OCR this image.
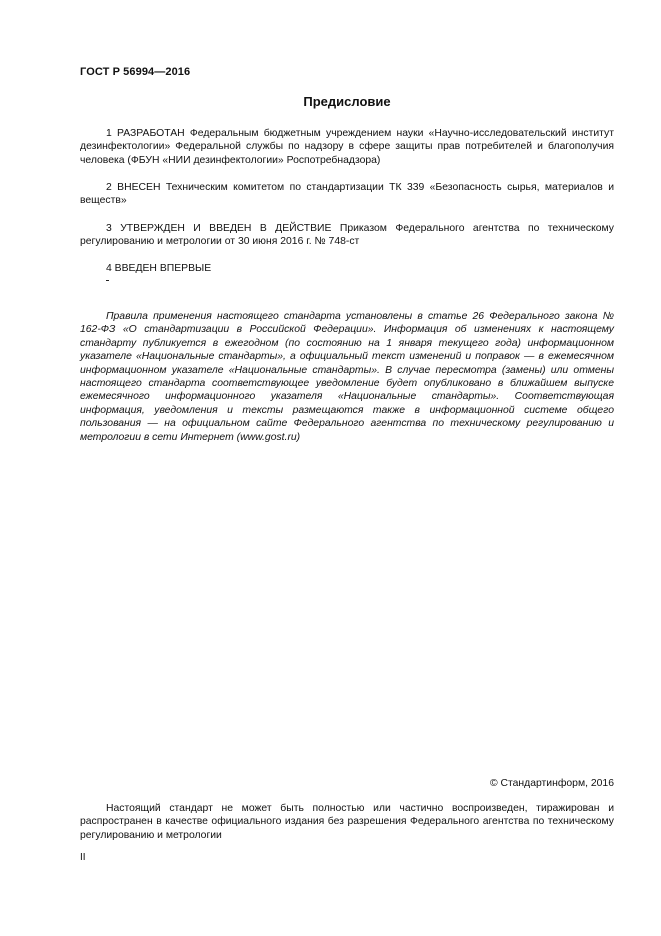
ГОСТ Р 56994—2016
Предисловие
1 РАЗРАБОТАН Федеральным бюджетным учреждением науки «Научно-исследовательский институт дезинфектологии» Федеральной службы по надзору в сфере защиты прав потребителей и благополучия человека (ФБУН «НИИ дезинфектологии» Роспотребнадзора)
2 ВНЕСЕН Техническим комитетом по стандартизации ТК 339 «Безопасность сырья, материалов и веществ»
3 УТВЕРЖДЕН И ВВЕДЕН В ДЕЙСТВИЕ Приказом Федерального агентства по техническому регулированию и метрологии от 30 июня 2016 г. № 748-ст
4 ВВЕДЕН ВПЕРВЫЕ
Правила применения настоящего стандарта установлены в статье 26 Федерального закона № 162-ФЗ «О стандартизации в Российской Федерации». Информация об изменениях к настоящему стандарту публикуется в ежегодном (по состоянию на 1 января текущего года) информационном указателе «Национальные стандарты», а официальный текст изменений и поправок — в ежемесячном информационном указателе «Национальные стандарты». В случае пересмотра (замены) или отмены настоящего стандарта соответствующее уведомление будет опубликовано в ближайшем выпуске ежемесячного информационного указателя «Национальные стандарты». Соответствующая информация, уведомления и тексты размещаются также в информационной системе общего пользования — на официальном сайте Федерального агентства по техническому регулированию и метрологии в сети Интернет (www.gost.ru)
© Стандартинформ, 2016
Настоящий стандарт не может быть полностью или частично воспроизведен, тиражирован и распространен в качестве официального издания без разрешения Федерального агентства по техническому регулированию и метрологии
II
